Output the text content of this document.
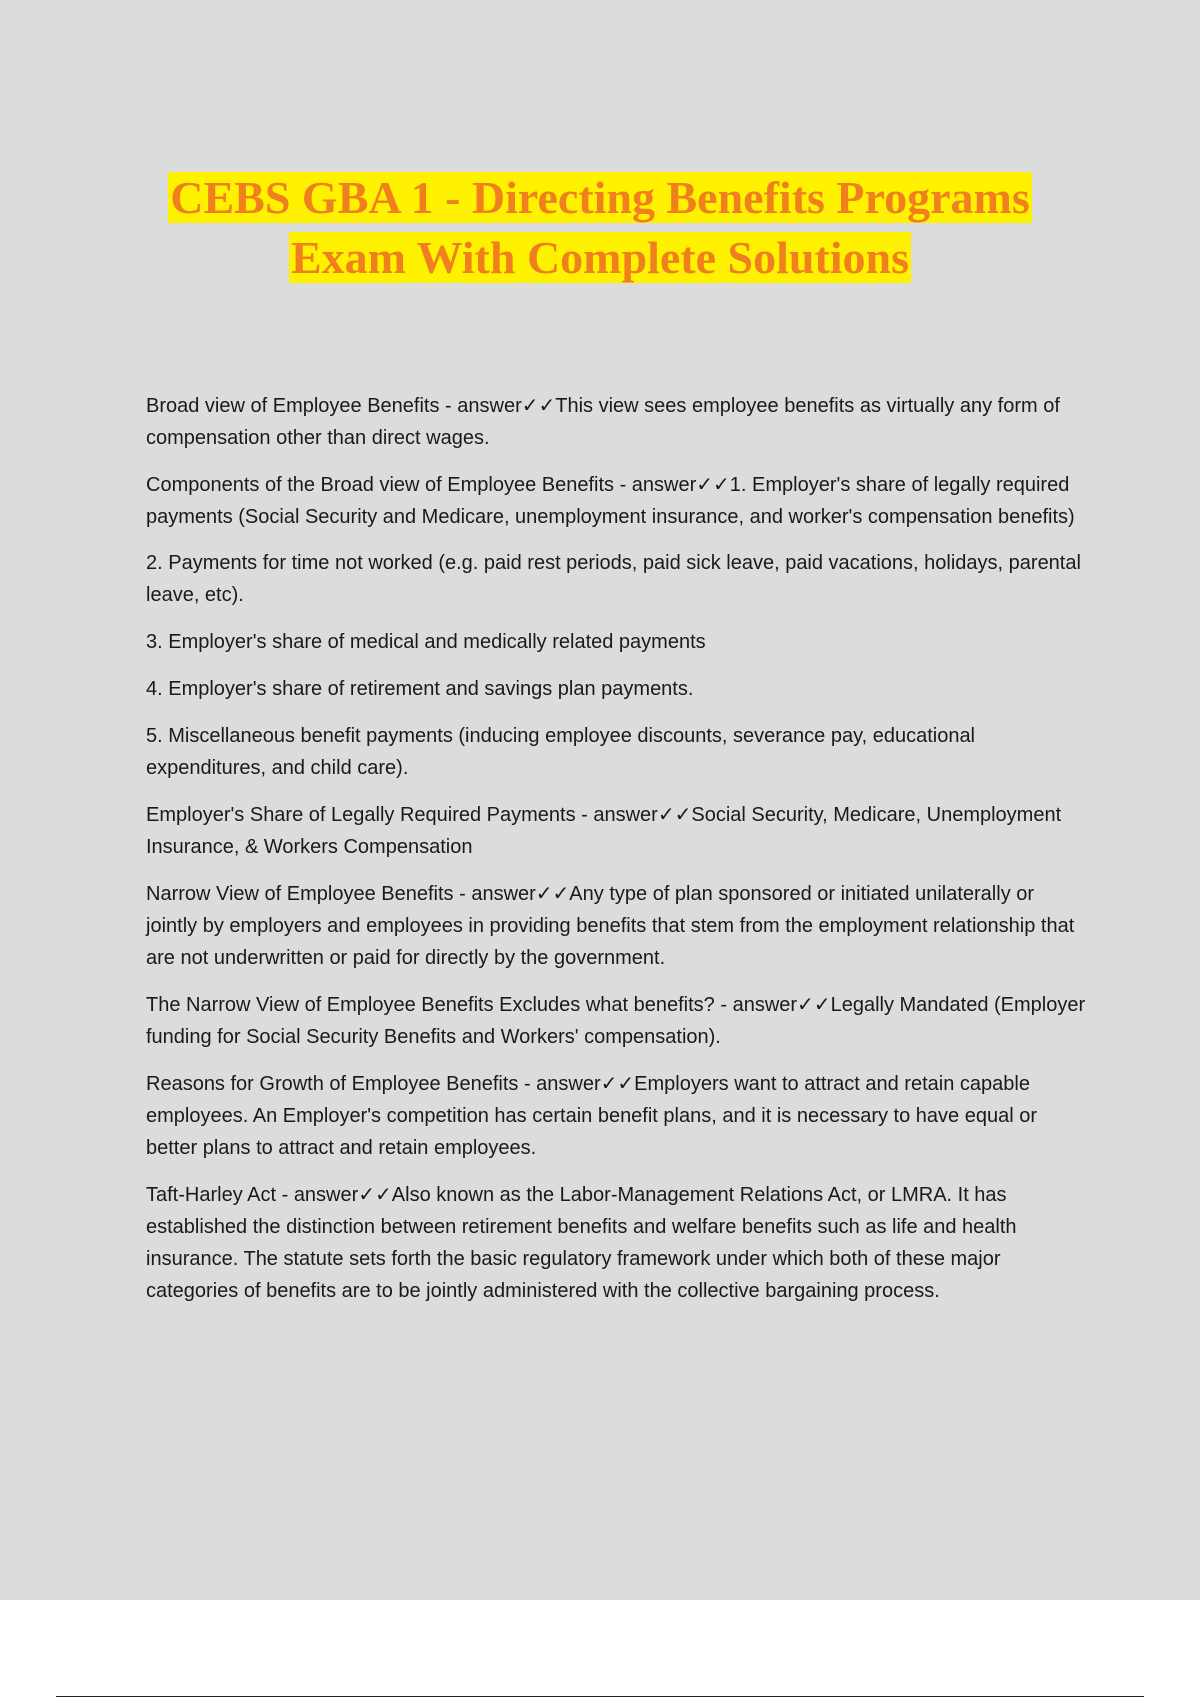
CEBS GBA 1 - Directing Benefits Programs
Exam With Complete Solutions

Broad view of Employee Benefits - answer✓✓This view sees employee benefits as virtually any form of compensation other than direct wages.

Components of the Broad view of Employee Benefits - answer✓✓1. Employer's share of legally required payments (Social Security and Medicare, unemployment insurance, and worker's compensation benefits)

2. Payments for time not worked (e.g. paid rest periods, paid sick leave, paid vacations, holidays, parental leave, etc).

3. Employer's share of medical and medically related payments

4. Employer's share of retirement and savings plan payments.

5. Miscellaneous benefit payments (inducing employee discounts, severance pay, educational expenditures, and child care).

Employer's Share of Legally Required Payments - answer✓✓Social Security, Medicare, Unemployment Insurance, & Workers Compensation

Narrow View of Employee Benefits - answer✓✓Any type of plan sponsored or initiated unilaterally or jointly by employers and employees in providing benefits that stem from the employment relationship that are not underwritten or paid for directly by the government.

The Narrow View of Employee Benefits Excludes what benefits? - answer✓✓Legally Mandated (Employer funding for Social Security Benefits and Workers' compensation).

Reasons for Growth of Employee Benefits - answer✓✓Employers want to attract and retain capable employees. An Employer's competition has certain benefit plans, and it is necessary to have equal or better plans to attract and retain employees.

Taft-Harley Act - answer✓✓Also known as the Labor-Management Relations Act, or LMRA. It has established the distinction between retirement benefits and welfare benefits such as life and health insurance. The statute sets forth the basic regulatory framework under which both of these major categories of benefits are to be jointly administered with the collective bargaining process.
